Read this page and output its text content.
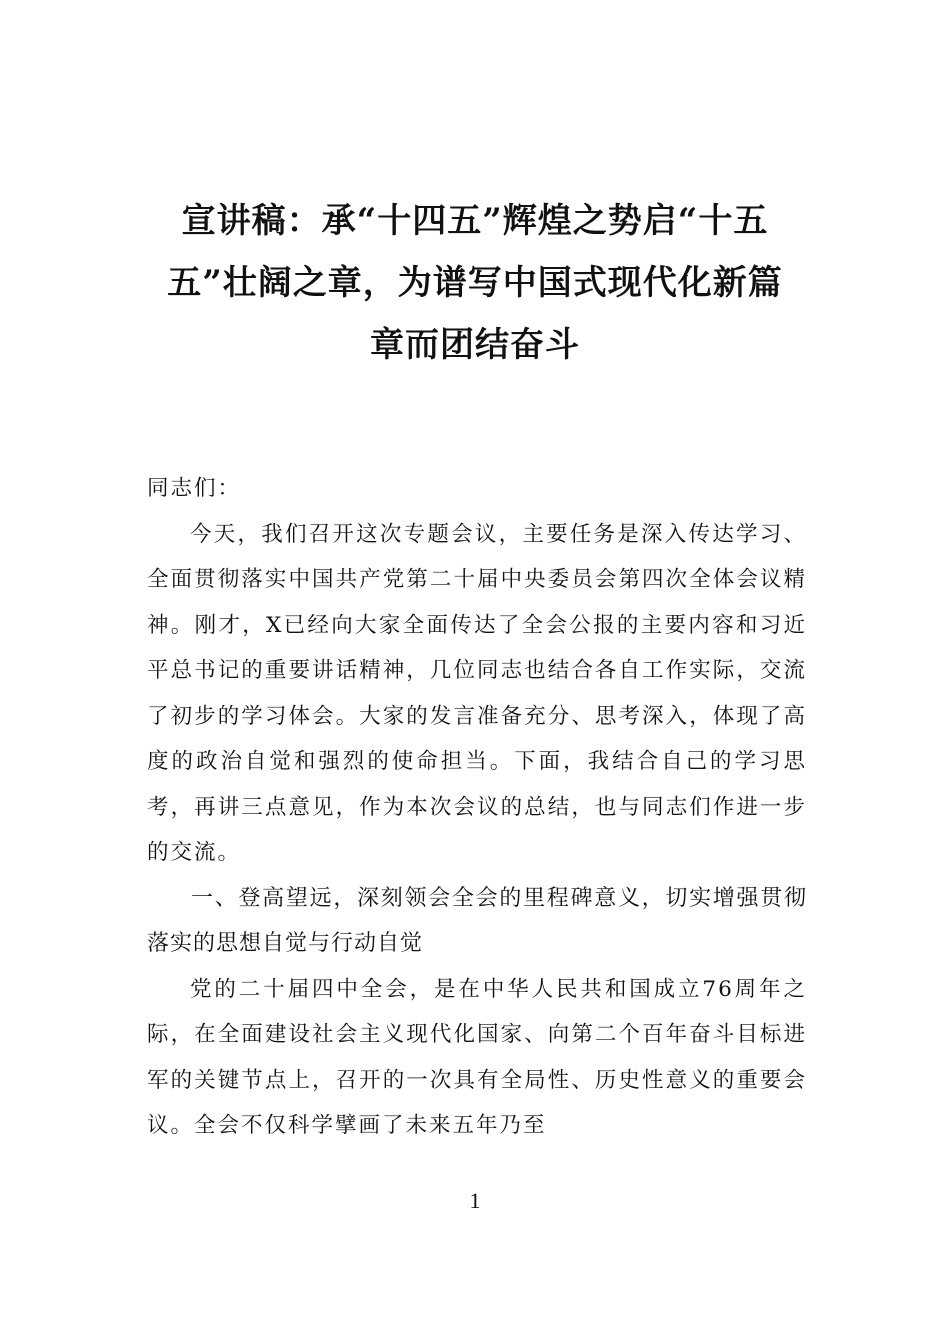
宣讲稿：承“十四五”辉煌之势启“十五五”壮阔之章，为谱写中国式现代化新篇章而团结奋斗

同志们：

今天，我们召开这次专题会议，主要任务是深入传达学习、全面贯彻落实中国共产党第二十届中央委员会第四次全体会议精神。刚才，X已经向大家全面传达了全会公报的主要内容和习近平总书记的重要讲话精神，几位同志也结合各自工作实际，交流了初步的学习体会。大家的发言准备充分、思考深入，体现了高度的政治自觉和强烈的使命担当。下面，我结合自己的学习思考，再讲三点意见，作为本次会议的总结，也与同志们作进一步的交流。

一、登高望远，深刻领会全会的里程碑意义，切实增强贯彻落实的思想自觉与行动自觉

党的二十届四中全会，是在中华人民共和国成立76周年之际，在全面建设社会主义现代化国家、向第二个百年奋斗目标进军的关键节点上，召开的一次具有全局性、历史性意义的重要会议。全会不仅科学擘画了未来五年乃至

1
